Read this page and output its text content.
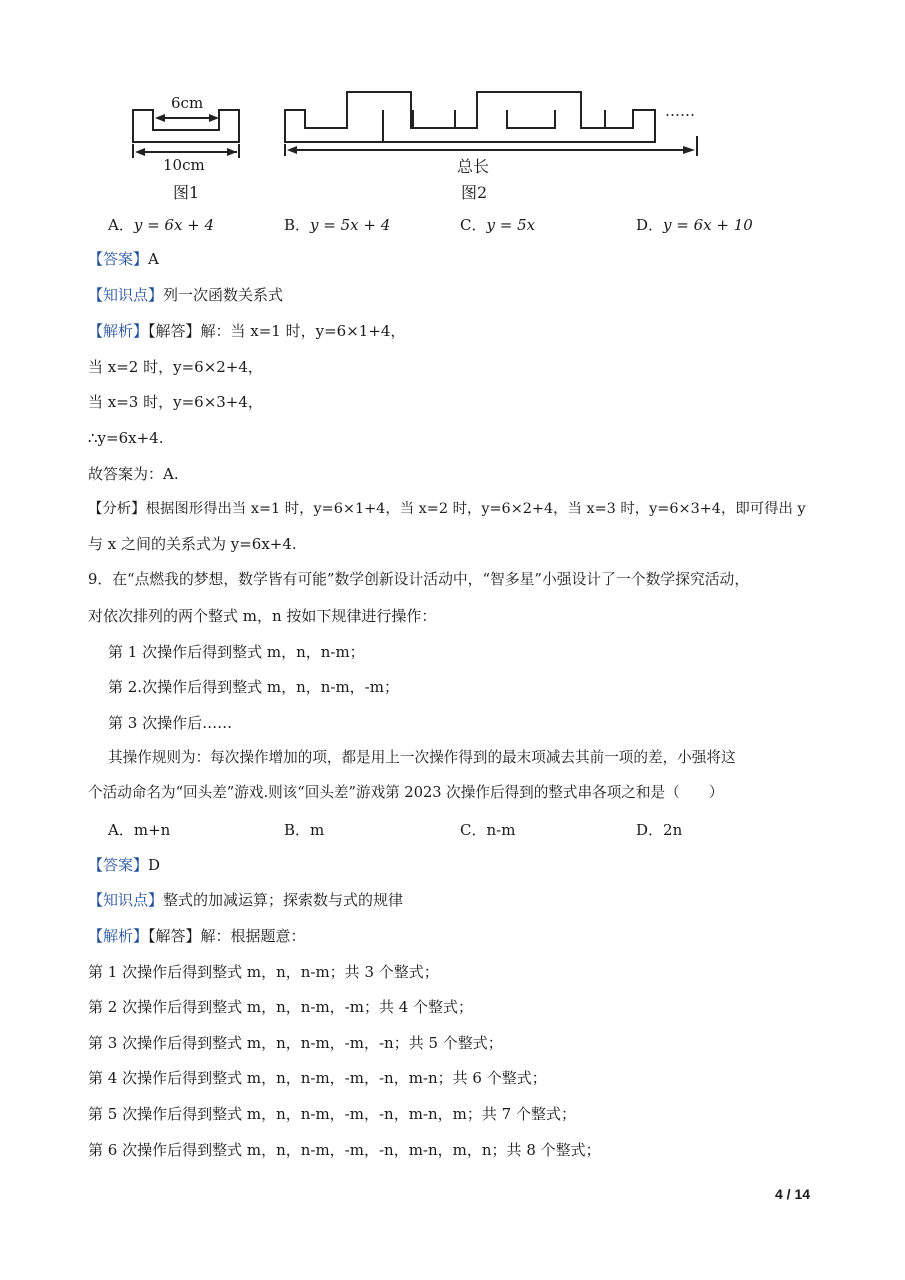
6cm
10cm
图1
总长
图2
……
A．y = 6x + 4	B．y = 5x + 4	C．y = 5x	D．y = 6x + 10
【答案】A
【知识点】列一次函数关系式
【解析】【解答】解：当 x=1 时，y=6×1+4，
当 x=2 时，y=6×2+4，
当 x=3 时，y=6×3+4，
∴y=6x+4.
故答案为：A.
【分析】根据图形得出当 x=1 时，y=6×1+4，当 x=2 时，y=6×2+4，当 x=3 时，y=6×3+4，即可得出 y
与 x 之间的关系式为 y=6x+4.
9．在“点燃我的梦想，数学皆有可能”数学创新设计活动中，“智多星”小强设计了一个数学探究活动，
对依次排列的两个整式 m，n 按如下规律进行操作：
第 1 次操作后得到整式 m，n，n-m；
第 2.次操作后得到整式 m，n，n-m，-m；
第 3 次操作后……
其操作规则为：每次操作增加的项，都是用上一次操作得到的最末项减去其前一项的差，小强将这
个活动命名为“回头差”游戏.则该“回头差”游戏第 2023 次操作后得到的整式串各项之和是（　　）
A．m+n	B．m	C．n-m	D．2n
【答案】D
【知识点】整式的加减运算；探索数与式的规律
【解析】【解答】解：根据题意：
第 1 次操作后得到整式 m，n，n-m；共 3 个整式；
第 2 次操作后得到整式 m，n，n-m，-m；共 4 个整式；
第 3 次操作后得到整式 m，n，n-m，-m，-n；共 5 个整式；
第 4 次操作后得到整式 m，n，n-m，-m，-n，m-n；共 6 个整式；
第 5 次操作后得到整式 m，n，n-m，-m，-n，m-n，m；共 7 个整式；
第 6 次操作后得到整式 m，n，n-m，-m，-n，m-n，m，n；共 8 个整式；
4 / 14
